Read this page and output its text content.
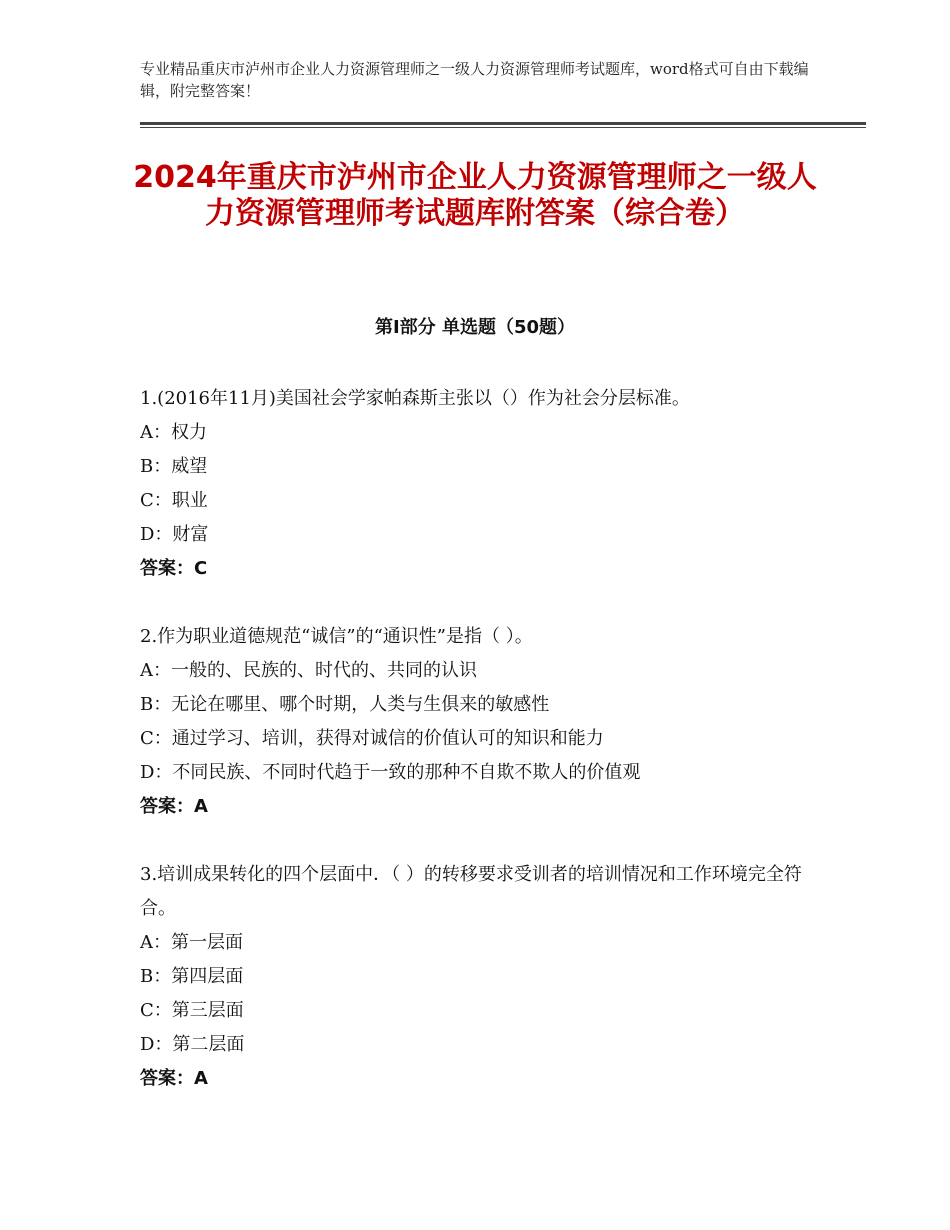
专业精品重庆市泸州市企业人力资源管理师之一级人力资源管理师考试题库，word格式可自由下载编辑，附完整答案！
2024年重庆市泸州市企业人力资源管理师之一级人力资源管理师考试题库附答案（综合卷）
第Ⅰ部分 单选题（50题）
1.(2016年11月)美国社会学家帕森斯主张以（）作为社会分层标准。
A：权力
B：威望
C：职业
D：财富
答案：C
2.作为职业道德规范“诚信”的“通识性”是指（ ）。
A：一般的、民族的、时代的、共同的认识
B：无论在哪里、哪个时期，人类与生俱来的敏感性
C：通过学习、培训，获得对诚信的价值认可的知识和能力
D：不同民族、不同时代趋于一致的那种不自欺不欺人的价值观
答案：A
3.培训成果转化的四个层面中．（ ）的转移要求受训者的培训情况和工作环境完全符合。
A：第一层面
B：第四层面
C：第三层面
D：第二层面
答案：A
